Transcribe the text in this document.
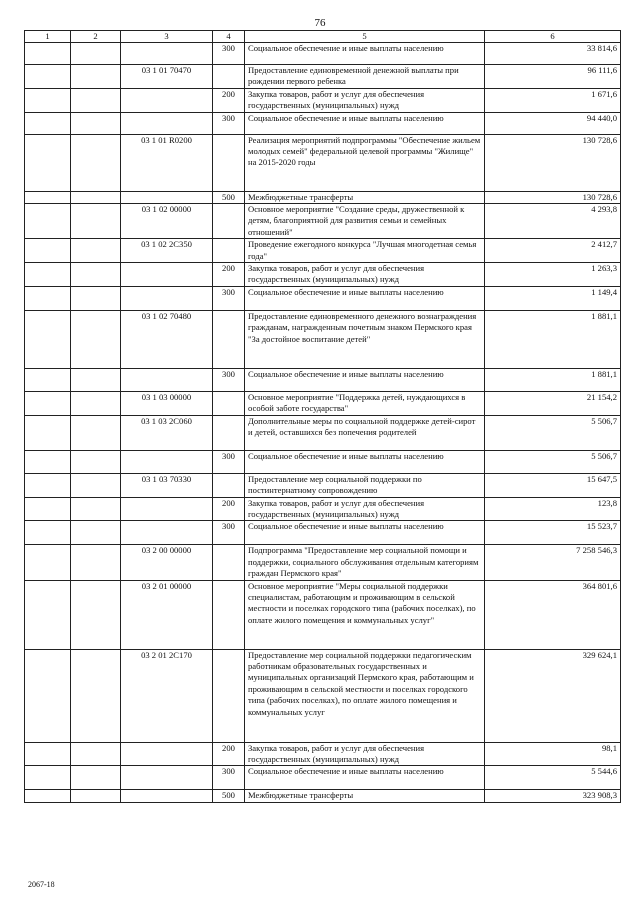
76
1	2	3	4	5	6
			300	Социальное обеспечение и иные выплаты населению	33 814,6
		03 1 01 70470		Предоставление единовременной денежной выплаты при рождении первого ребенка	96 111,6
			200	Закупка товаров, работ и услуг для обеспечения государственных (муниципальных) нужд	1 671,6
			300	Социальное обеспечение и иные выплаты населению	94 440,0
		03 1 01 R0200		Реализация мероприятий подпрограммы "Обеспечение жильем молодых семей" федеральной целевой программы "Жилище" на 2015-2020 годы	130 728,6
			500	Межбюджетные трансферты	130 728,6
		03 1 02 00000		Основное мероприятие "Создание среды, дружественной к детям, благоприятной для развития семьи и семейных отношений"	4 293,8
		03 1 02 2C350		Проведение ежегодного конкурса "Лучшая многодетная семья года"	2 412,7
			200	Закупка товаров, работ и услуг для обеспечения государственных (муниципальных) нужд	1 263,3
			300	Социальное обеспечение и иные выплаты населению	1 149,4
		03 1 02 70480		Предоставление единовременного денежного вознаграждения гражданам, награжденным почетным знаком Пермского края "За достойное воспитание детей"	1 881,1
			300	Социальное обеспечение и иные выплаты населению	1 881,1
		03 1 03 00000		Основное мероприятие "Поддержка детей, нуждающихся в особой заботе государства"	21 154,2
		03 1 03 2C060		Дополнительные меры по социальной поддержке детей-сирот и детей, оставшихся без попечения родителей	5 506,7
			300	Социальное обеспечение и иные выплаты населению	5 506,7
		03 1 03 70330		Предоставление мер социальной поддержки по постинтернатному сопровождению	15 647,5
			200	Закупка товаров, работ и услуг для обеспечения государственных (муниципальных) нужд	123,8
			300	Социальное обеспечение и иные выплаты населению	15 523,7
		03 2 00 00000		Подпрограмма "Предоставление мер социальной помощи и поддержки, социального обслуживания отдельным категориям граждан Пермского края"	7 258 546,3
		03 2 01 00000		Основное мероприятие "Меры социальной поддержки специалистам, работающим и проживающим в сельской местности и поселках городского типа (рабочих поселках), по оплате жилого помещения и коммунальных услуг"	364 801,6
		03 2 01 2C170		Предоставление мер социальной поддержки педагогическим работникам образовательных государственных и муниципальных организаций Пермского края, работающим и проживающим в сельской местности и поселках городского типа (рабочих поселках), по оплате жилого помещения и коммунальных услуг	329 624,1
			200	Закупка товаров, работ и услуг для обеспечения государственных (муниципальных) нужд	98,1
			300	Социальное обеспечение и иные выплаты населению	5 544,6
			500	Межбюджетные трансферты	323 908,3
2067-18
